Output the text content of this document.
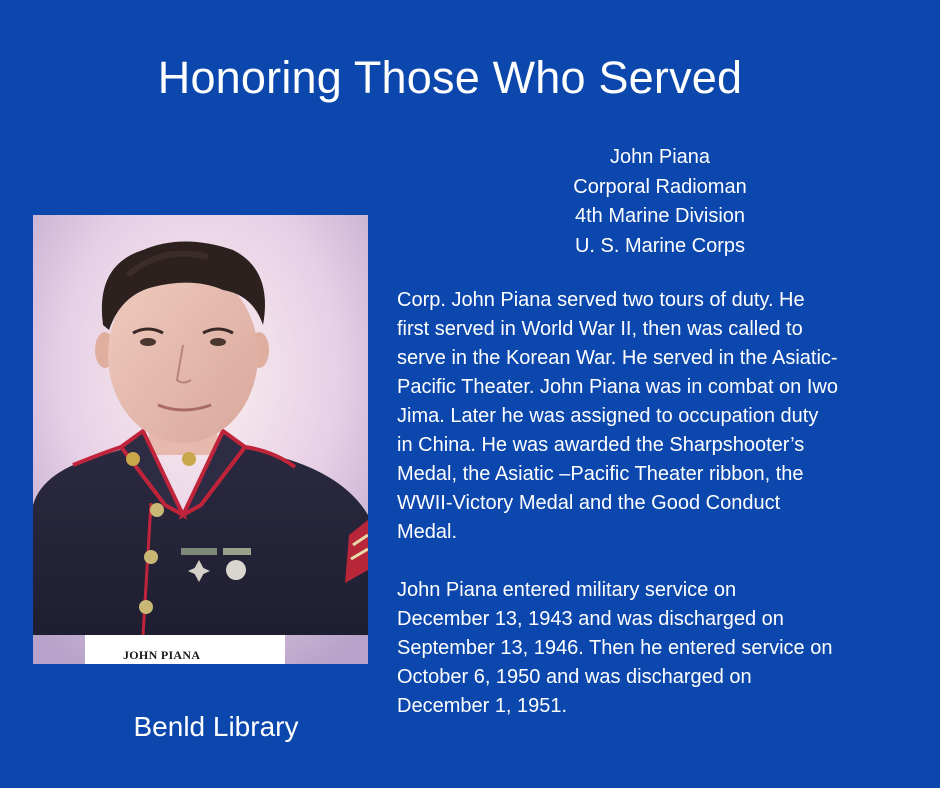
Honoring Those Who Served
John Piana
Corporal Radioman
4th Marine Division
U. S. Marine Corps
JOHN PIANA

Corp. John Piana served two tours of duty. He
first served in World War II, then was called to
serve in the Korean War. He served in the Asiatic-
Pacific Theater. John Piana was in combat on Iwo
Jima. Later he was assigned to occupation duty
in China. He was awarded the Sharpshooter’s
Medal, the Asiatic –Pacific Theater ribbon, the
WWII-Victory Medal and the Good Conduct
Medal.

John Piana entered military service on
December 13, 1943 and was discharged on
September 13, 1946. Then he entered service on
October 6, 1950 and was discharged on
December 1, 1951.

Benld Library
